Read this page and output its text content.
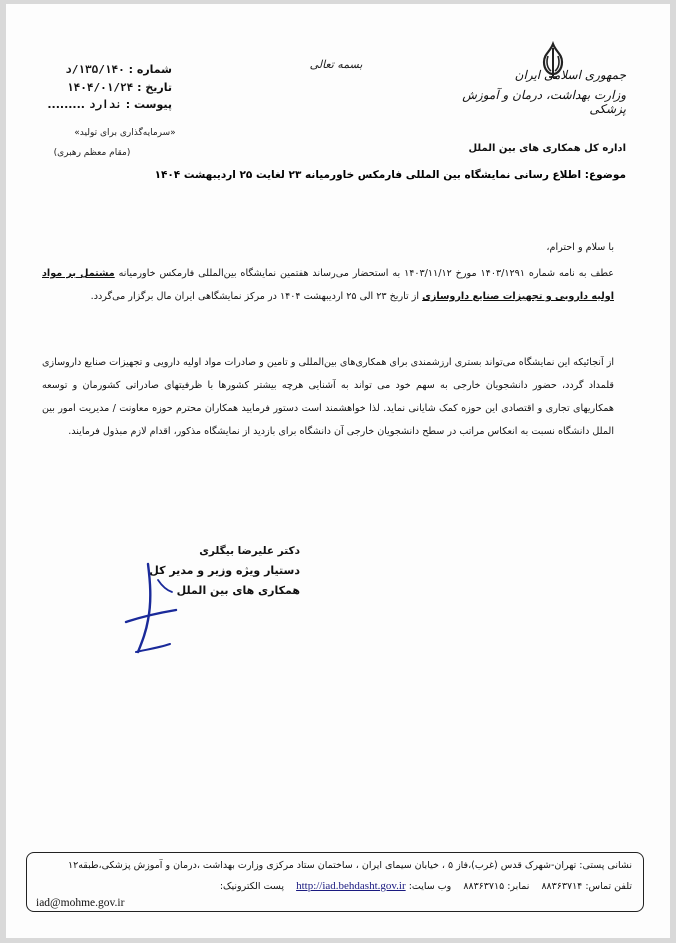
جمهوری اسلامی ایران
وزارت بهداشت، درمان و آموزش پزشکی
اداره کل همکاری های بین الملل
بسمه تعالی
شماره : ۱۳۵/۱۴۰/د
تاریخ : ۱۴۰۴/۰۱/۲۴
پیوست : ندارد .........
«سرمایه‌گذاری برای تولید»
(مقام معظم رهبری)
موضوع: اطلاع رسانی نمایشگاه بین المللی فارمکس خاورمیانه ۲۳ لغایت ۲۵ اردیبهشت ۱۴۰۴
با سلام و احترام،
عطف به نامه شماره ۱۴۰۳/۱۲۹۱ مورخ ۱۴۰۳/۱۱/۱۲ به استحضار می‌رساند هفتمین نمایشگاه بین‌المللی فارمکس خاورمیانه مشتمل بر مواد اولیه دارویی و تجهیزات صنایع داروسازی از تاریخ ۲۳ الی ۲۵ اردیبهشت ۱۴۰۴ در مرکز نمایشگاهی ایران مال برگزار می‌گردد.
از آنجائیکه این نمایشگاه می‌تواند بستری ارزشمندی برای همکاری‌های بین‌المللی و تامین و صادرات مواد اولیه دارویی و تجهیزات صنایع داروسازی قلمداد گردد، حضور دانشجویان خارجی به سهم خود می تواند به آشنایی هرچه بیشتر کشورها با ظرفیتهای صادراتی کشورمان و توسعه همکاریهای تجاری و اقتصادی این حوزه کمک شایانی نماید. لذا خواهشمند است دستور فرمایید همکاران محترم حوزه معاونت / مدیریت امور بین الملل دانشگاه نسبت به انعکاس مراتب در سطح دانشجویان خارجی آن دانشگاه برای بازدید از نمایشگاه مذکور، اقدام لازم مبذول فرمایند.
دکتر علیرضا بیگلری
دستیار ویژه وزیر و مدیر کل
همکاری های بین الملل
نشانی پستی: تهران-شهرک قدس (غرب)،فاز ۵ ، خیابان سیمای ایران ، ساختمان ستاد مرکزی وزارت بهداشت ،درمان و آموزش پزشکی،طبقه۱۲
تلفن تماس: ۸۸۳۶۳۷۱۴    نمابر: ۸۸۳۶۳۷۱۵    وب سایت: http://iad.behdasht.gov.ir    پست الکترونیک:
iad@mohme.gov.ir
